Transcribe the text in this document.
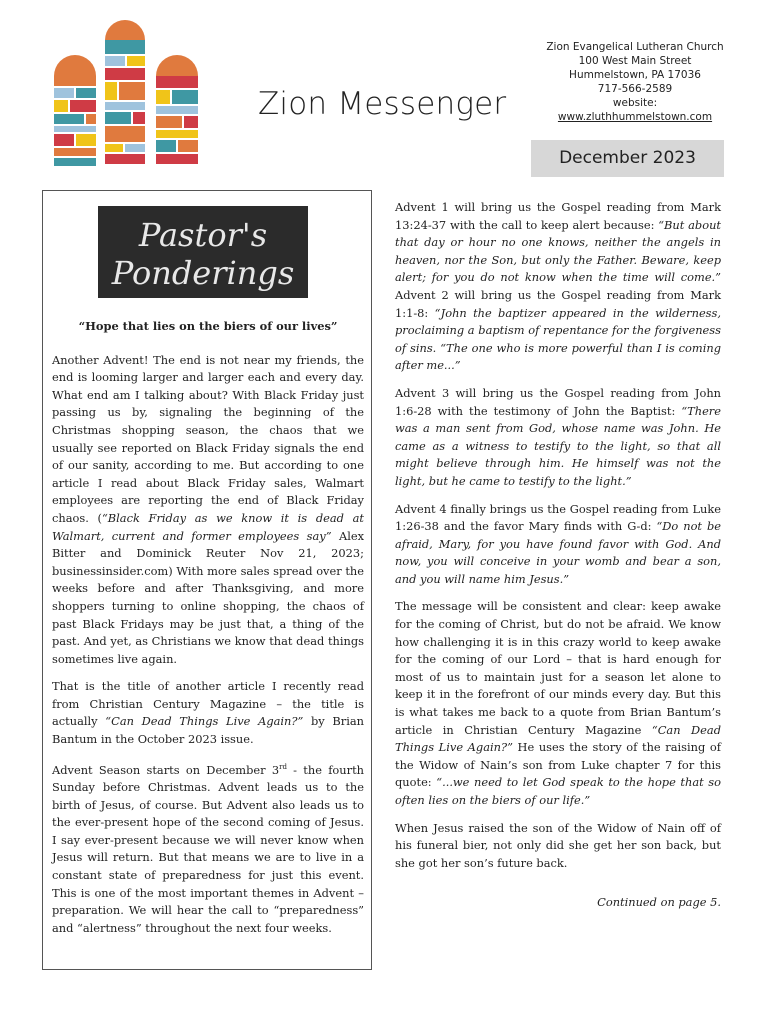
Zion Messenger
Zion Evangelical Lutheran Church
100 West Main Street
Hummelstown, PA 17036
717-566-2589
website:
www.zluthhummelstown.com
December 2023
Pastor's
Ponderings

“Hope that lies on the biers of our lives”

Another Advent! The end is not near my friends, the end is looming larger and larger each and every day. What end am I talking about? With Black Friday just passing us by, signaling the beginning of the Christmas shopping season, the chaos that we usually see reported on Black Friday signals the end of our sanity, according to me. But according to one article I read about Black Friday sales, Walmart employees are reporting the end of Black Friday chaos. (“Black Friday as we know it is dead at Walmart, current and former employees say” Alex Bitter and Dominick Reuter Nov 21, 2023; businessinsider.com) With more sales spread over the weeks before and after Thanksgiving, and more shoppers turning to online shopping, the chaos of past Black Fridays may be just that, a thing of the past. And yet, as Christians we know that dead things sometimes live again.

That is the title of another article I recently read from Christian Century Magazine – the title is actually “Can Dead Things Live Again?” by Brian Bantum in the October 2023 issue.

Advent Season starts on December 3rd - the fourth Sunday before Christmas. Advent leads us to the birth of Jesus, of course. But Advent also leads us to the ever-present hope of the second coming of Jesus. I say ever-present because we will never know when Jesus will return. But that means we are to live in a constant state of preparedness for just this event. This is one of the most important themes in Advent – preparation. We will hear the call to “preparedness” and “alertness” throughout the next four weeks.

Advent 1 will bring us the Gospel reading from Mark 13:24-37 with the call to keep alert because: “But about that day or hour no one knows, neither the angels in heaven, nor the Son, but only the Father. Beware, keep alert; for you do not know when the time will come.” Advent 2 will bring us the Gospel reading from Mark 1:1-8: “John the baptizer appeared in the wilderness, proclaiming a baptism of repentance for the forgiveness of sins. “The one who is more powerful than I is coming after me...”

Advent 3 will bring us the Gospel reading from John 1:6-28 with the testimony of John the Baptist: “There was a man sent from God, whose name was John. He came as a witness to testify to the light, so that all might believe through him. He himself was not the light, but he came to testify to the light.”

Advent 4 finally brings us the Gospel reading from Luke 1:26-38 and the favor Mary finds with G-d: “Do not be afraid, Mary, for you have found favor with God. And now, you will conceive in your womb and bear a son, and you will name him Jesus.”

The message will be consistent and clear: keep awake for the coming of Christ, but do not be afraid. We know how challenging it is in this crazy world to keep awake for the coming of our Lord – that is hard enough for most of us to maintain just for a season let alone to keep it in the forefront of our minds every day. But this is what takes me back to a quote from Brian Bantum’s article in Christian Century Magazine “Can Dead Things Live Again?” He uses the story of the raising of the Widow of Nain’s son from Luke chapter 7 for this quote: “...we need to let God speak to the hope that so often lies on the biers of our life.”

When Jesus raised the son of the Widow of Nain off of his funeral bier, not only did she get her son back, but she got her son’s future back.

Continued on page 5.
